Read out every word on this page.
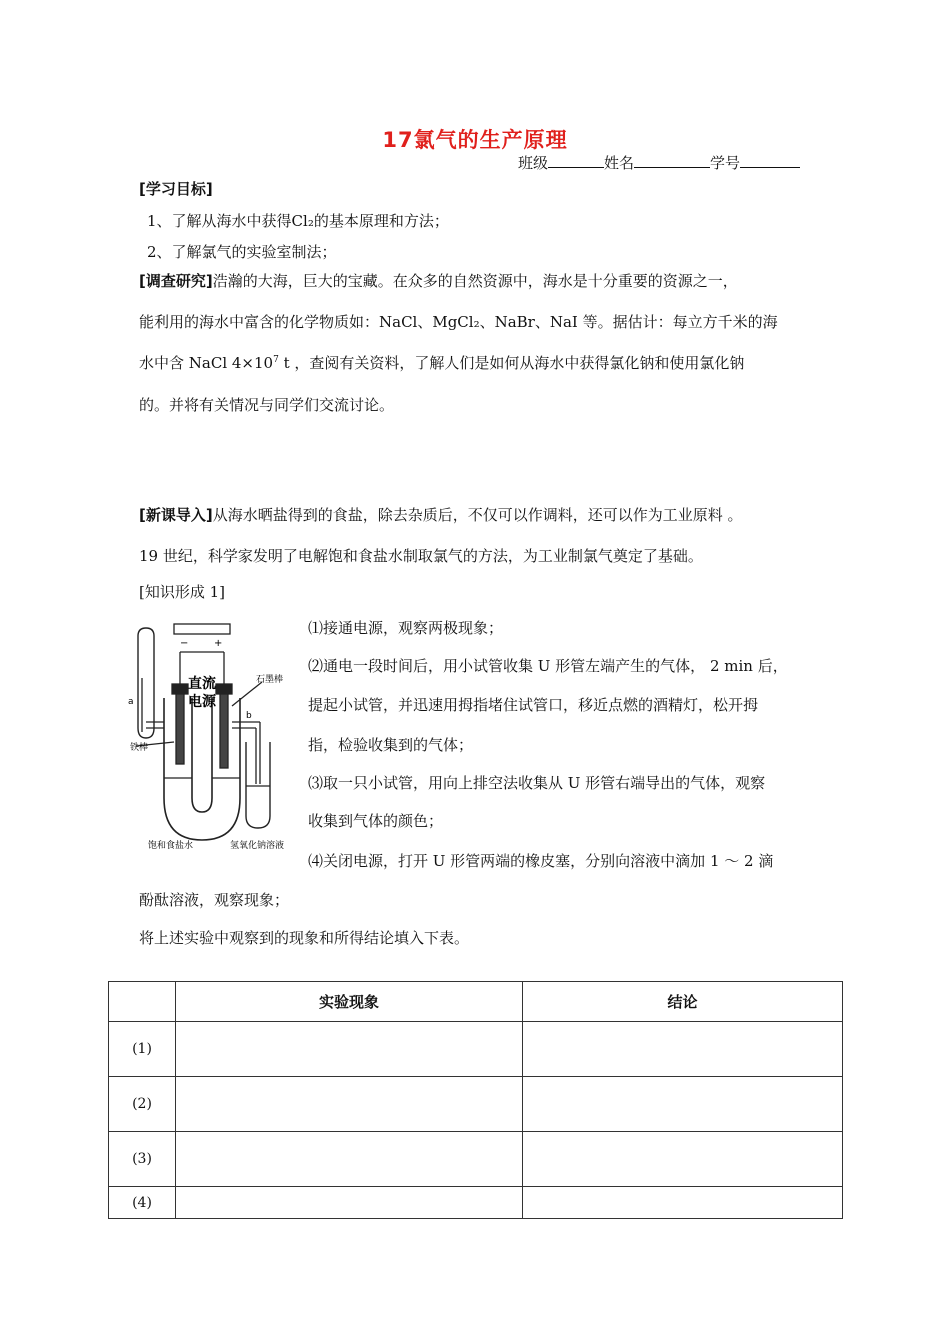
17氯气的生产原理
班级	姓名	学号
[学习目标]
1、了解从海水中获得Cl₂的基本原理和方法；
2、了解氯气的实验室制法；
[调查研究]浩瀚的大海，巨大的宝藏。在众多的自然资源中，海水是十分重要的资源之一，
能利用的海水中富含的化学物质如：NaCl、MgCl₂、NaBr、NaI 等。据估计：每立方千米的海
水中含 NaCl $4\times 10^7$ t ，查阅有关资料，了解人们是如何从海水中获得氯化钠和使用氯化钠
的。并将有关情况与同学们交流讨论。
[新课导入]从海水晒盐得到的食盐，除去杂质后，不仅可以作调料，还可以作为工业原料 。
19 世纪，科学家发明了电解饱和食盐水制取氯气的方法，为工业制氯气奠定了基础。
[知识形成 1]
−	+
直流
电源
a
b
石墨棒
铁棒
饱和食盐水	氢氧化钠溶液
⑴接通电源，观察两极现象；
⑵通电一段时间后，用小试管收集 U 形管左端产生的气体， 2 min 后，
提起小试管，并迅速用拇指堵住试管口，移近点燃的酒精灯，松开拇
指，检验收集到的气体；
⑶取一只小试管，用向上排空法收集从 U 形管右端导出的气体，观察
收集到气体的颜色；
⑷关闭电源，打开 U 形管两端的橡皮塞，分别向溶液中滴加 1 ～ 2 滴
酚酞溶液，观察现象；
将上述实验中观察到的现象和所得结论填入下表。
	实验现象	结论
(1)		
(2)		
(3)		
(4)		
